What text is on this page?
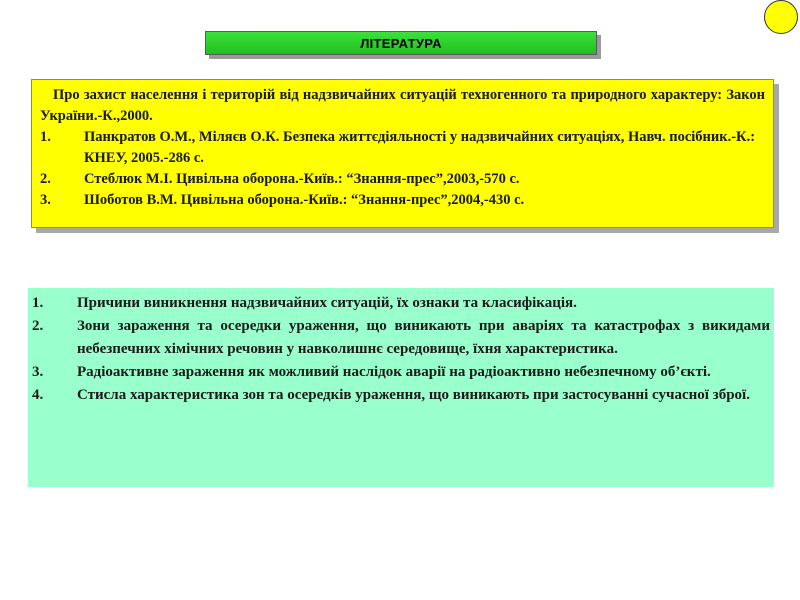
ЛІТЕРАТУРА
Про захист населення і територій від надзвичайних ситуацій техногенного та природного характеру: Закон України.-К.,2000.
1.	Панкратов О.М., Міляєв О.К. Безпека життєдіяльності у надзвичайних ситуаціях, Навч. посібник.-К.: КНЕУ, 2005.-286 с.
2.	Стеблюк М.І. Цивільна оборона.-Київ.: “Знання-прес”,2003,-570 с.
3.	Шоботов В.М. Цивільна оборона.-Київ.: “Знання-прес”,2004,-430 с.
1.	Причини виникнення надзвичайних ситуацій, їх ознаки та класифікація.
2.	Зони зараження та осередки ураження, що виникають при аваріях та катастрофах з викидами небезпечних хімічних речовин у навколишнє середовище, їхня характеристика.
3.	Радіоактивне зараження як можливий наслідок аварії на радіоактивно небезпечному об’єкті.
4.	Стисла характеристика зон та осередків ураження, що виникають при застосуванні сучасної зброї.
